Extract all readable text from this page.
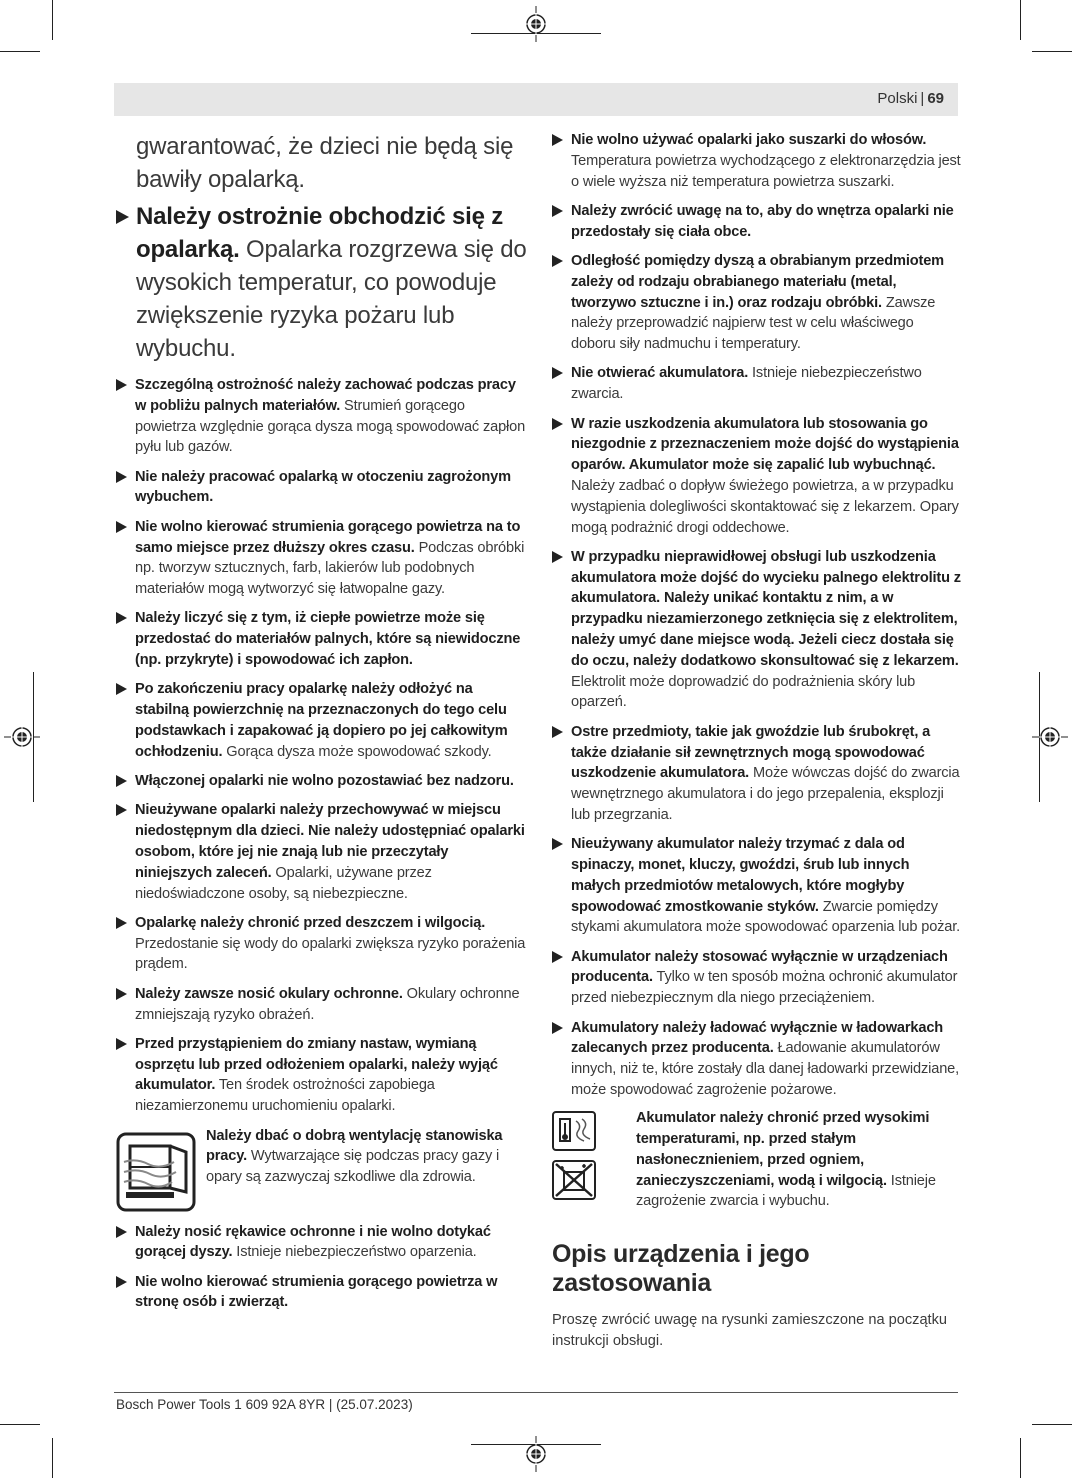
Polski | 69
gwarantować, że dzieci nie będą się bawiły opalarką.
Należy ostrożnie obchodzić się z opalarką. Opalarka rozgrzewa się do wysokich temperatur, co powoduje zwiększenie ryzyka pożaru lub wybuchu.
Szczególną ostrożność należy zachować podczas pracy w pobliżu palnych materiałów. Strumień gorącego powietrza względnie gorąca dysza mogą spowodować zapłon pyłu lub gazów.
Nie należy pracować opalarką w otoczeniu zagrożonym wybuchem.
Nie wolno kierować strumienia gorącego powietrza na to samo miejsce przez dłuższy okres czasu. Podczas obróbki np. tworzyw sztucznych, farb, lakierów lub podobnych materiałów mogą wytworzyć się łatwopalne gazy.
Należy liczyć się z tym, iż ciepłe powietrze może się przedostać do materiałów palnych, które są niewidoczne (np. przykryte) i spowodować ich zapłon.
Po zakończeniu pracy opalarkę należy odłożyć na stabilną powierzchnię na przeznaczonych do tego celu podstawkach i zapakować ją dopiero po jej całkowitym ochłodzeniu. Gorąca dysza może spowodować szkody.
Włączonej opalarki nie wolno pozostawiać bez nadzoru.
Nieużywane opalarki należy przechowywać w miejscu niedostępnym dla dzieci. Nie należy udostępniać opalarki osobom, które jej nie znają lub nie przeczytały niniejszych zaleceń. Opalarki, używane przez niedoświadczone osoby, są niebezpieczne.
Opalarkę należy chronić przed deszczem i wilgocią. Przedostanie się wody do opalarki zwiększa ryzyko porażenia prądem.
Należy zawsze nosić okulary ochronne. Okulary ochronne zmniejszają ryzyko obrażeń.
Przed przystąpieniem do zmiany nastaw, wymianą osprzętu lub przed odłożeniem opalarki, należy wyjąć akumulator. Ten środek ostrożności zapobiega niezamierzonemu uruchomieniu opalarki.
Należy dbać o dobrą wentylację stanowiska pracy. Wytwarzające się podczas pracy gazy i opary są zazwyczaj szkodliwe dla zdrowia.
Należy nosić rękawice ochronne i nie wolno dotykać gorącej dyszy. Istnieje niebezpieczeństwo oparzenia.
Nie wolno kierować strumienia gorącego powietrza w stronę osób i zwierząt.
Nie wolno używać opalarki jako suszarki do włosów. Temperatura powietrza wychodzącego z elektronarzędzia jest o wiele wyższa niż temperatura powietrza suszarki.
Należy zwrócić uwagę na to, aby do wnętrza opalarki nie przedostały się ciała obce.
Odległość pomiędzy dyszą a obrabianym przedmiotem zależy od rodzaju obrabianego materiału (metal, tworzywo sztuczne i in.) oraz rodzaju obróbki. Zawsze należy przeprowadzić najpierw test w celu właściwego doboru siły nadmuchu i temperatury.
Nie otwierać akumulatora. Istnieje niebezpieczeństwo zwarcia.
W razie uszkodzenia akumulatora lub stosowania go niezgodnie z przeznaczeniem może dojść do wystąpienia oparów. Akumulator może się zapalić lub wybuchnąć. Należy zadbać o dopływ świeżego powietrza, a w przypadku wystąpienia dolegliwości skontaktować się z lekarzem. Opary mogą podrażnić drogi oddechowe.
W przypadku nieprawidłowej obsługi lub uszkodzenia akumulatora może dojść do wycieku palnego elektrolitu z akumulatora. Należy unikać kontaktu z nim, a w przypadku niezamierzonego zetknięcia się z elektrolitem, należy umyć dane miejsce wodą. Jeżeli ciecz dostała się do oczu, należy dodatkowo skonsultować się z lekarzem. Elektrolit może doprowadzić do podrażnienia skóry lub oparzeń.
Ostre przedmioty, takie jak gwoździe lub śrubokręt, a także działanie sił zewnętrznych mogą spowodować uszkodzenie akumulatora. Może wówczas dojść do zwarcia wewnętrznego akumulatora i do jego przepalenia, eksplozji lub przegrzania.
Nieużywany akumulator należy trzymać z dala od spinaczy, monet, kluczy, gwoździ, śrub lub innych małych przedmiotów metalowych, które mogłyby spowodować zmostkowanie styków. Zwarcie pomiędzy stykami akumulatora może spowodować oparzenia lub pożar.
Akumulator należy stosować wyłącznie w urządzeniach producenta. Tylko w ten sposób można ochronić akumulator przed niebezpiecznym dla niego przeciążeniem.
Akumulatory należy ładować wyłącznie w ładowarkach zalecanych przez producenta. Ładowanie akumulatorów innych, niż te, które zostały dla danej ładowarki przewidziane, może spowodować zagrożenie pożarowe.

Akumulator należy chronić przed wysokimi temperaturami, np. przed stałym nasłonecznieniem, przed ogniem, zanieczyszczeniami, wodą i wilgocią. Istnieje zagrożenie zwarcia i wybuchu.
Opis urządzenia i jego zastosowania
Proszę zwrócić uwagę na rysunki zamieszczone na początku instrukcji obsługi.
Bosch Power Tools 1 609 92A 8YR | (25.07.2023)
